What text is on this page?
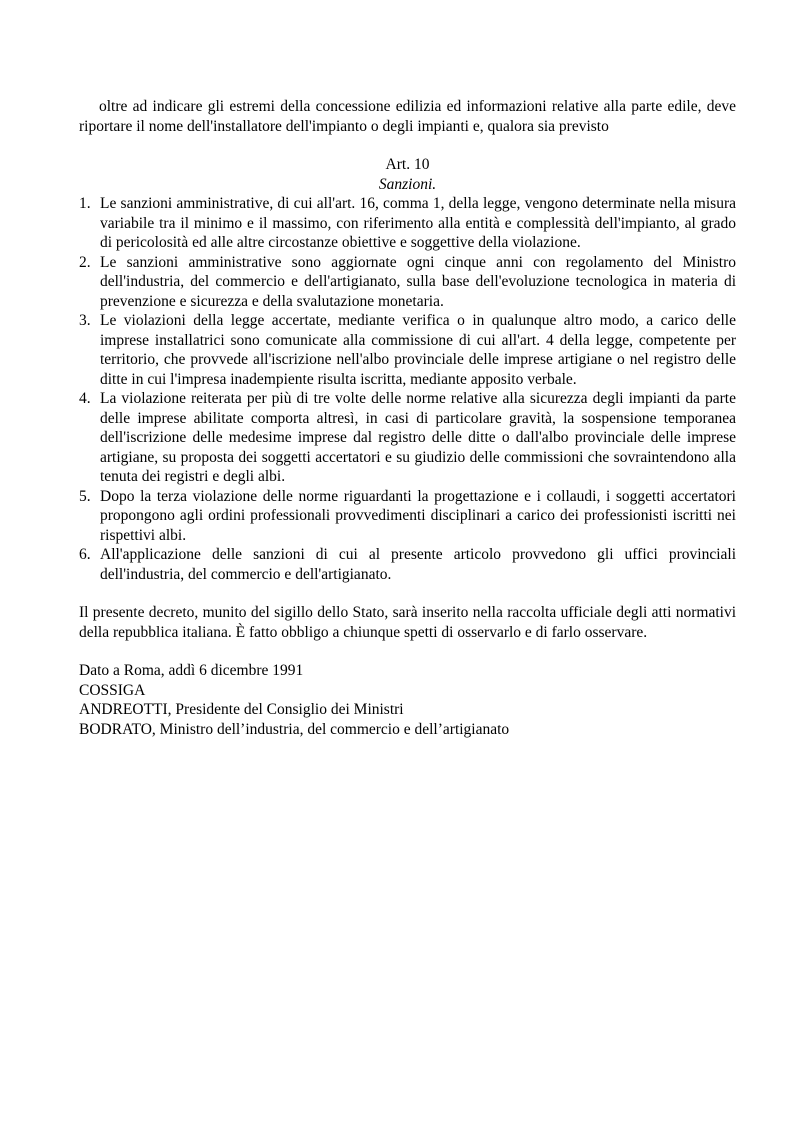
oltre ad indicare gli estremi della concessione edilizia ed informazioni relative alla parte edile, deve riportare il nome dell'installatore dell'impianto o degli impianti e, qualora sia previsto

Art. 10
Sanzioni.
1. Le sanzioni amministrative, di cui all'art. 16, comma 1, della legge, vengono determinate nella misura variabile tra il minimo e il massimo, con riferimento alla entità e complessità dell'impianto, al grado di pericolosità ed alle altre circostanze obiettive e soggettive della violazione.
2. Le sanzioni amministrative sono aggiornate ogni cinque anni con regolamento del Ministro dell'industria, del commercio e dell'artigianato, sulla base dell'evoluzione tecnologica in materia di prevenzione e sicurezza e della svalutazione monetaria.
3. Le violazioni della legge accertate, mediante verifica o in qualunque altro modo, a carico delle imprese installatrici sono comunicate alla commissione di cui all'art. 4 della legge, competente per territorio, che provvede all'iscrizione nell'albo provinciale delle imprese artigiane o nel registro delle ditte in cui l'impresa inadempiente risulta iscritta, mediante apposito verbale.
4. La violazione reiterata per più di tre volte delle norme relative alla sicurezza degli impianti da parte delle imprese abilitate comporta altresì, in casi di particolare gravità, la sospensione temporanea dell'iscrizione delle medesime imprese dal registro delle ditte o dall'albo provinciale delle imprese artigiane, su proposta dei soggetti accertatori e su giudizio delle commissioni che sovraintendono alla tenuta dei registri e degli albi.
5. Dopo la terza violazione delle norme riguardanti la progettazione e i collaudi, i soggetti accertatori propongono agli ordini professionali provvedimenti disciplinari a carico dei professionisti iscritti nei rispettivi albi.
6. All'applicazione delle sanzioni di cui al presente articolo provvedono gli uffici provinciali dell'industria, del commercio e dell'artigianato.

Il presente decreto, munito del sigillo dello Stato, sarà inserito nella raccolta ufficiale degli atti normativi della repubblica italiana. È fatto obbligo a chiunque spetti di osservarlo e di farlo osservare.

Dato a Roma, addì 6 dicembre 1991
COSSIGA
ANDREOTTI, Presidente del Consiglio dei Ministri
BODRATO, Ministro dell’industria, del commercio e dell’artigianato
